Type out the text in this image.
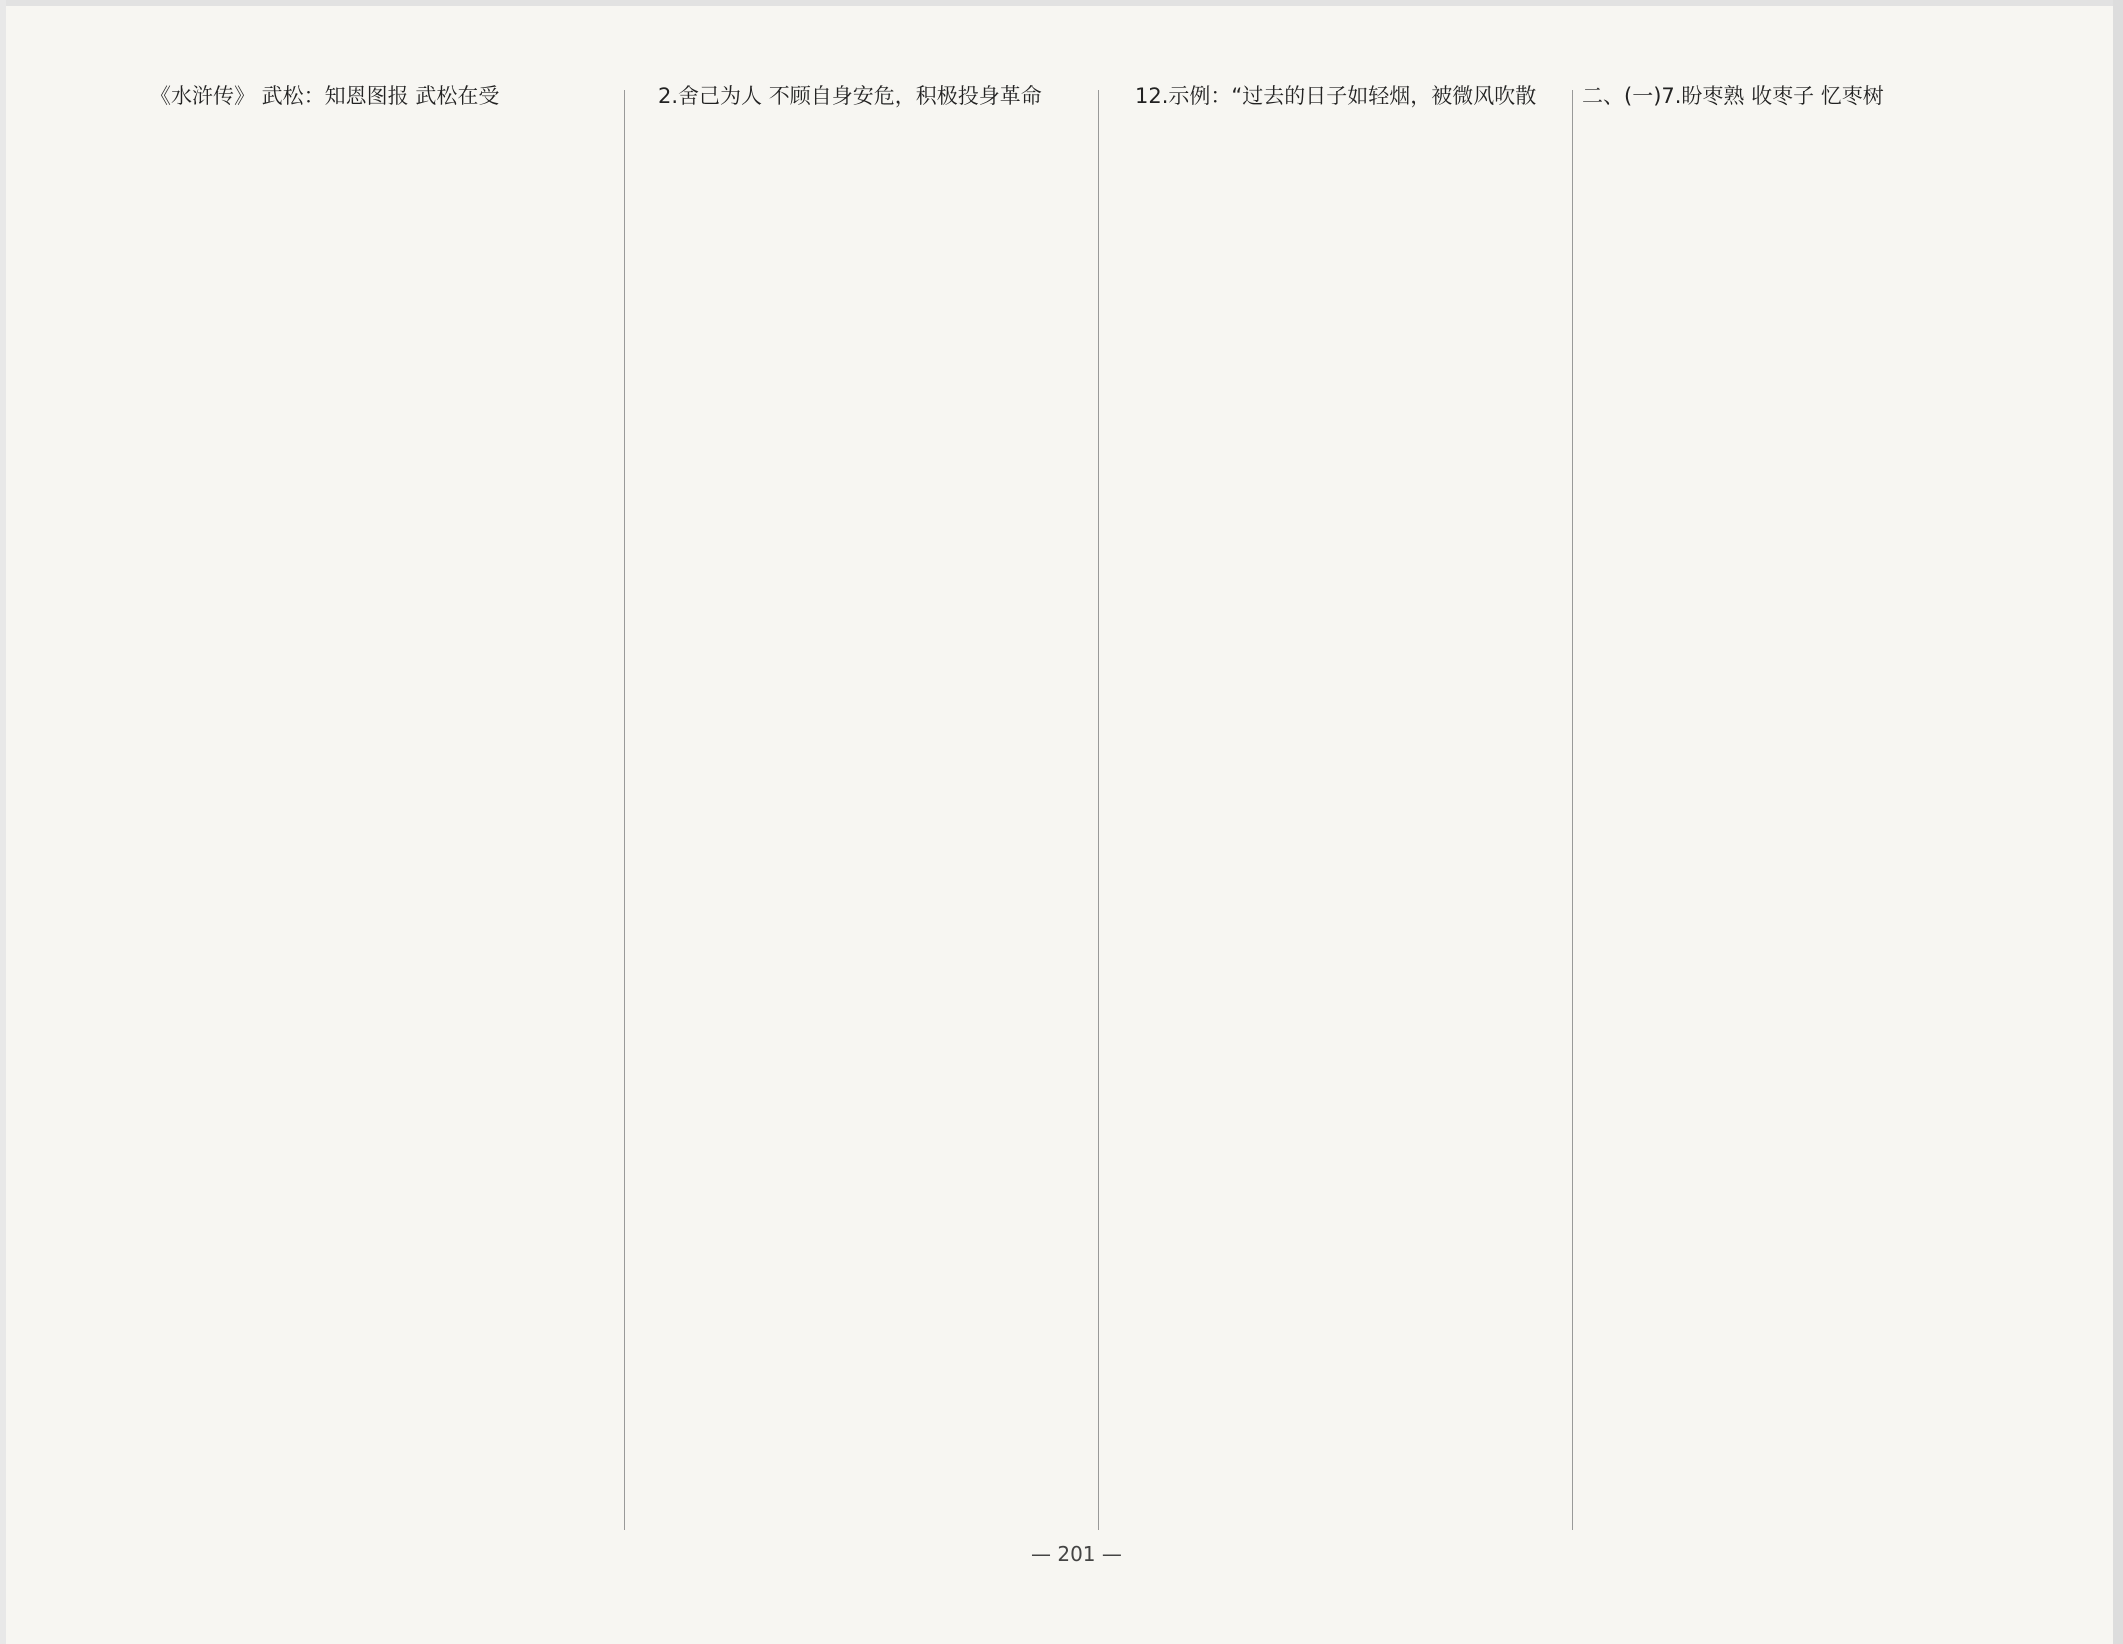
《水浒传》 武松：知恩图报 武松在受	2.舍己为人 不顾自身安危，积极投身革命	12.示例：“过去的日子如轻烟，被微风吹散	二、(一)7.盼枣熟 收枣子 忆枣树
— 201 —
